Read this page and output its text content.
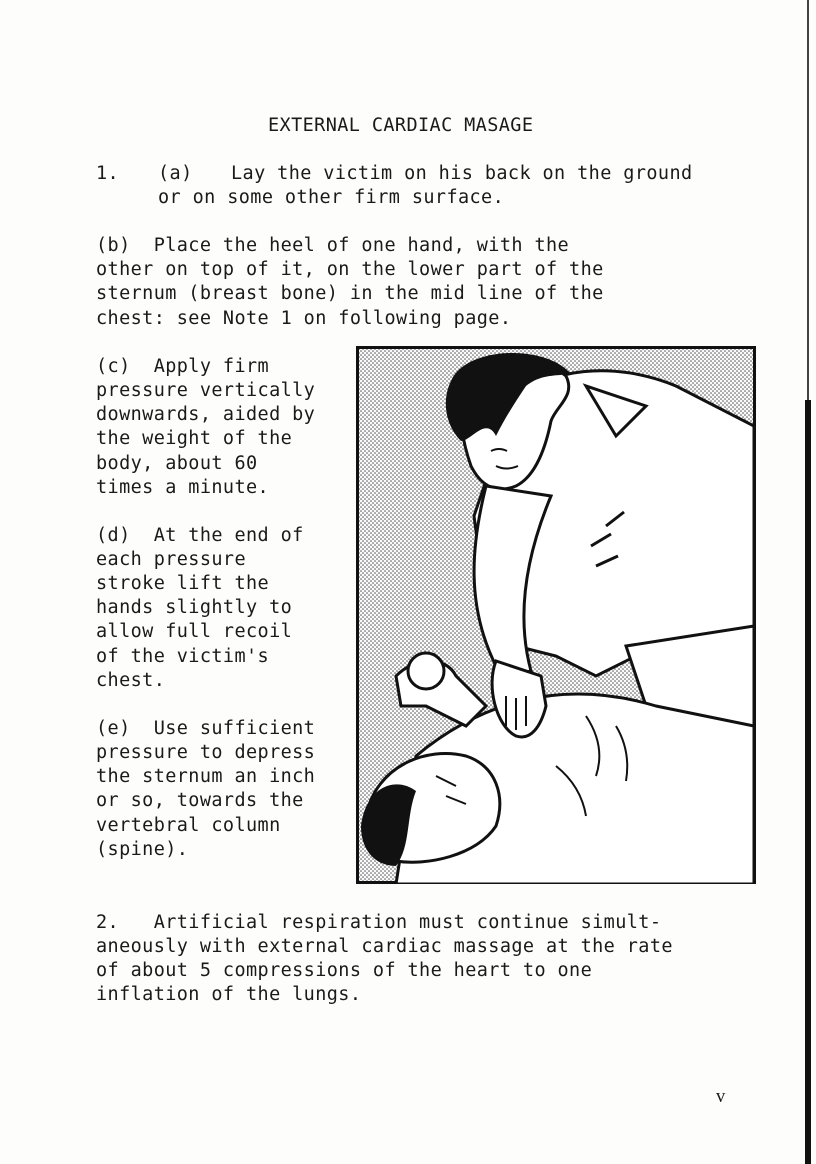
EXTERNAL CARDIAC MASAGE
1. (a) Lay the victim on his back on the ground
or on some other firm surface.
(b)  Place the heel of one hand, with the
other on top of it, on the lower part of the
sternum (breast bone) in the mid line of the
chest: see Note 1 on following page.
(c)  Apply firm
pressure vertically
downwards, aided by
the weight of the
body, about 60
times a minute.
(d)  At the end of
each pressure
stroke lift the
hands slightly to
allow full recoil
of the victim's
chest.
(e)  Use sufficient
pressure to depress
the sternum an inch
or so, towards the
vertebral column
(spine).
2.   Artificial respiration must continue simult-
aneously with external cardiac massage at the rate
of about 5 compressions of the heart to one
inflation of the lungs.
v
